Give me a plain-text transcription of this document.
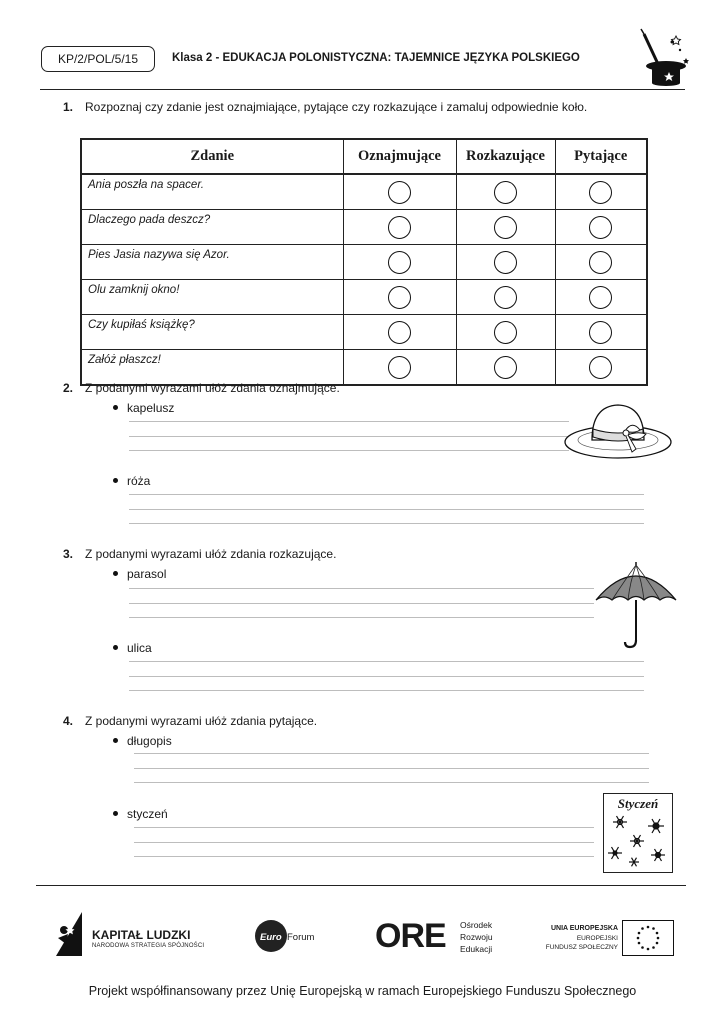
KP/2/POL/5/15	Klasa 2 - EDUKACJA POLONISTYCZNA: TAJEMNICE JĘZYKA POLSKIEGO
1. Rozpoznaj czy zdanie jest oznajmiające, pytające czy rozkazujące i zamaluj odpowiednie koło.
Zdanie	Oznajmujące	Rozkazujące	Pytające
Ania poszła na spacer.			
Dlaczego pada deszcz?			
Pies Jasia nazywa się Azor.			
Olu zamknij okno!			
Czy kupiłaś książkę?			
Załóż płaszcz!			
2. Z podanymi wyrazami ułóż zdania oznajmujące.
kapelusz
róża
3. Z podanymi wyrazami ułóż zdania rozkazujące.
parasol
ulica
4. Z podanymi wyrazami ułóż zdania pytające.
długopis
styczeń
Styczeń
KAPITAŁ LUDZKI
NARODOWA STRATEGIA SPÓJNOŚCI
Euro Forum ORE Ośrodek
Rozwoju
Edukacji
UNIA EUROPEJSKA
EUROPEJSKI
FUNDUSZ SPOŁECZNY
Projekt współfinansowany przez Unię Europejską w ramach Europejskiego Funduszu Społecznego
